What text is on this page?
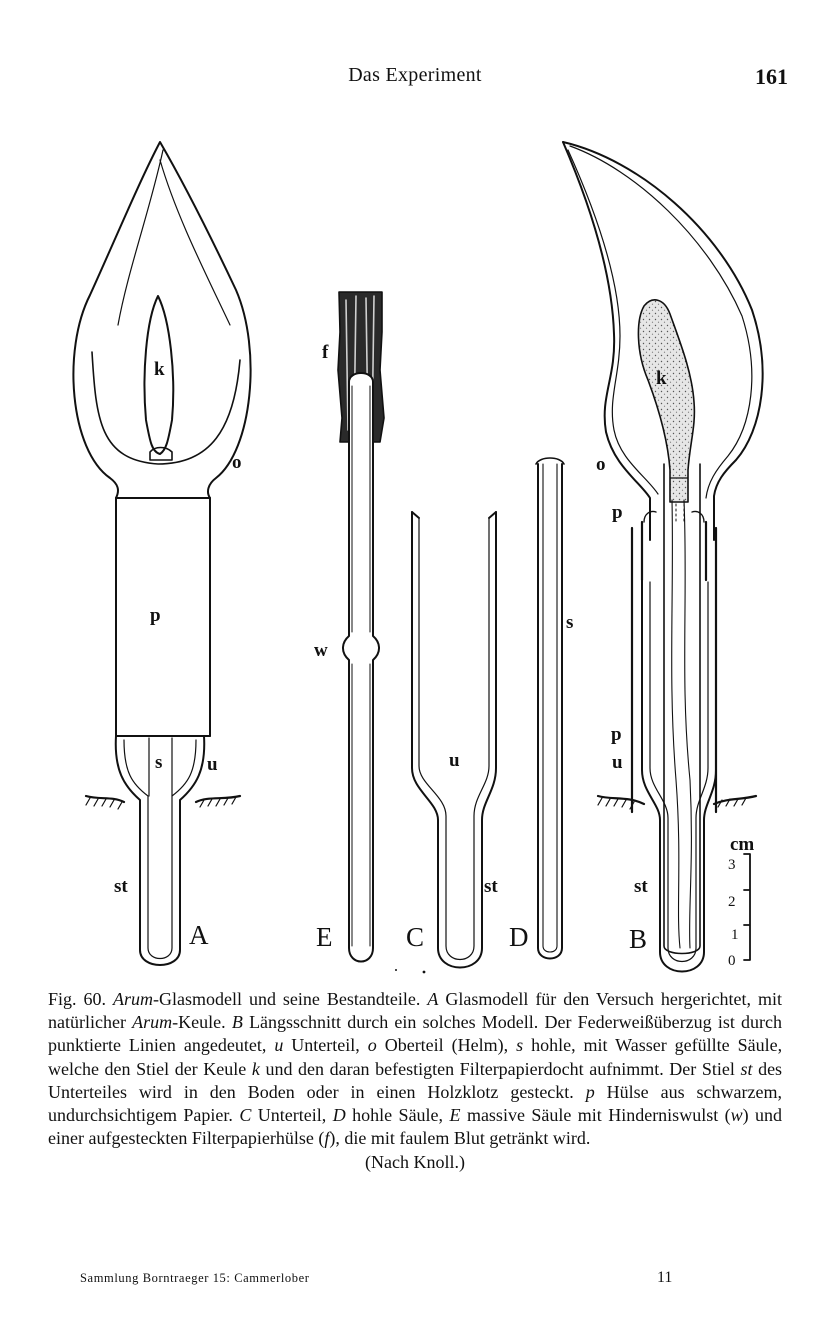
Das Experiment	161
k
o
p
s u
st
f
w
u
st
s
o
p
k
p
u
st
A	E	C	D	B
cm
3
2
1
0

Fig. 60. Arum-Glasmodell und seine Bestandteile. A Glasmodell für den Versuch hergerichtet, mit natürlicher Arum-Keule. B Längsschnitt durch ein solches Modell. Der Federweißüberzug ist durch punktierte Linien angedeutet, u Unterteil, o Oberteil (Helm), s hohle, mit Wasser gefüllte Säule, welche den Stiel der Keule k und den daran befestigten Filterpapierdocht aufnimmt. Der Stiel st des Unterteiles wird in den Boden oder in einen Holzklotz gesteckt. p Hülse aus schwarzem, undurchsichtigem Papier. C Unterteil, D hohle Säule, E massive Säule mit Hinderniswulst (w) und einer aufgesteckten Filterpapierhülse (f), die mit faulem Blut getränkt wird.

(Nach Knoll.)

Sammlung Borntraeger 15: Cammerlober	11
